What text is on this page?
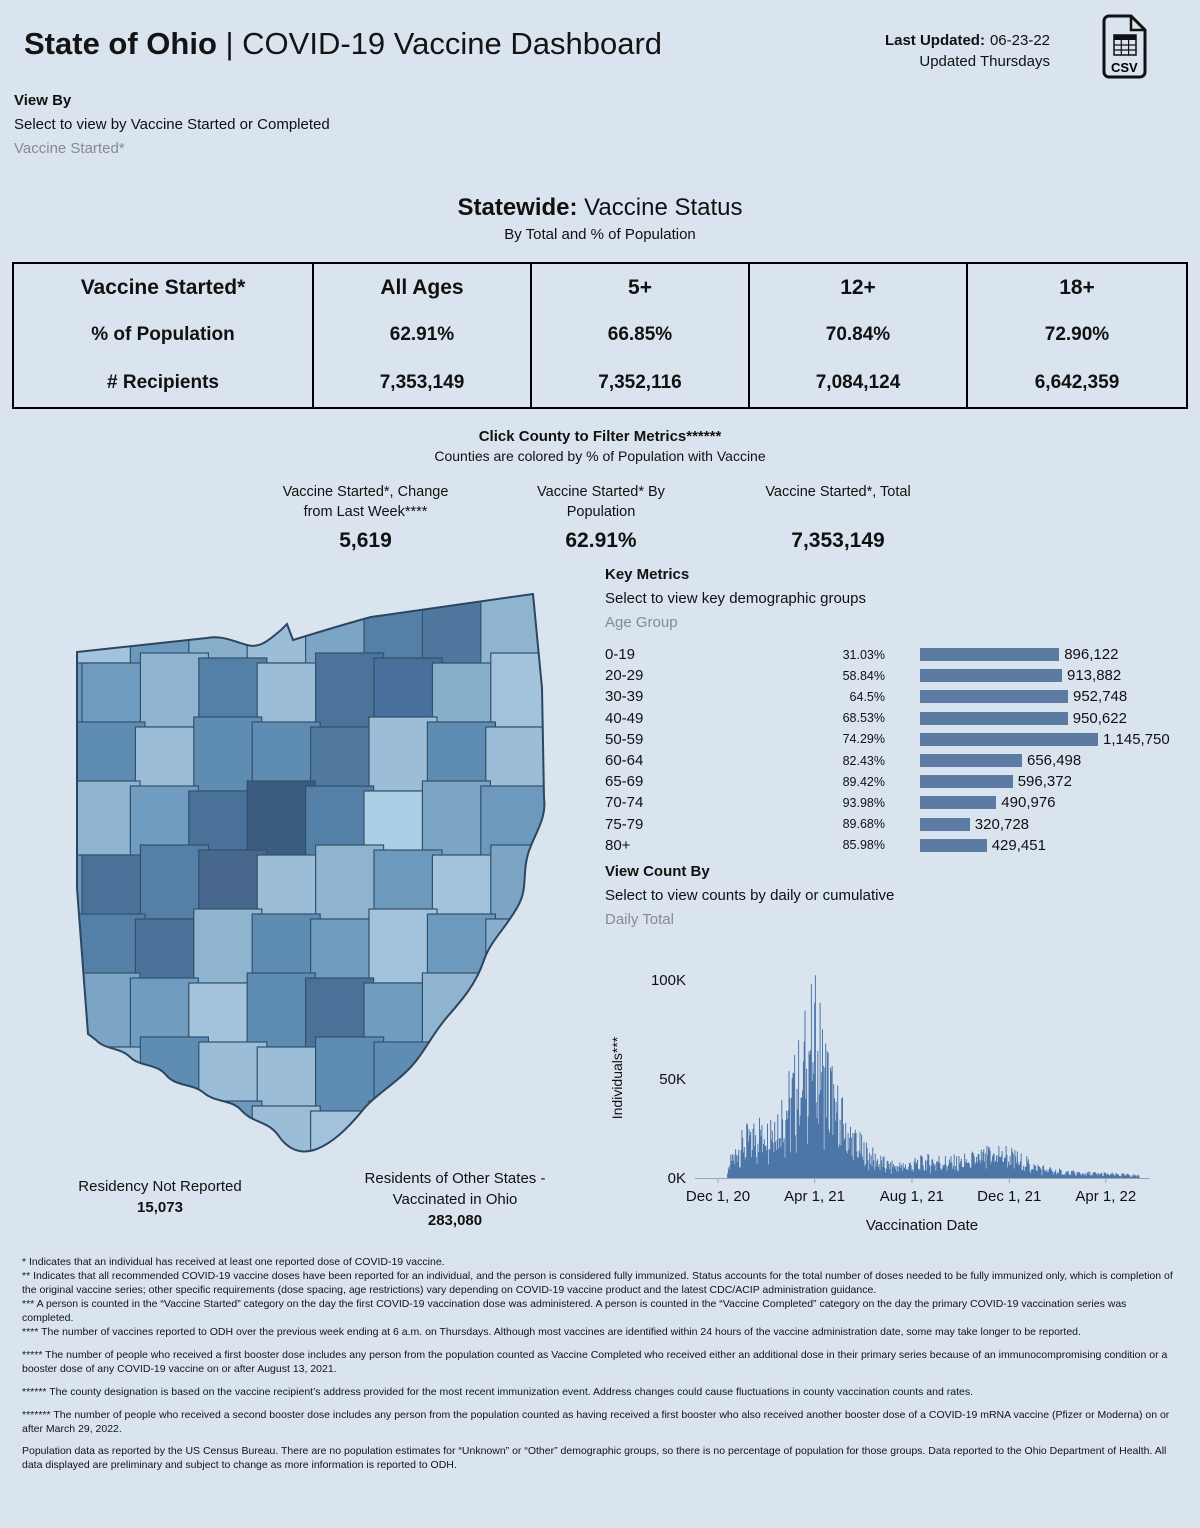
State of Ohio | COVID-19 Vaccine Dashboard	Last Updated: 06-23-22
Updated Thursdays	CSV
View By
Select to view by Vaccine Started or Completed
Vaccine Started*
Statewide: Vaccine Status
By Total and % of Population
Vaccine Started*	All Ages	5+	12+	18+
% of Population	62.91%	66.85%	70.84%	72.90%
# Recipients	7,353,149	7,352,116	7,084,124	6,642,359
Click County to Filter Metrics******
Counties are colored by % of Population with Vaccine
Vaccine Started*, Change from Last Week****
5,619
Vaccine Started* By Population
62.91%
Vaccine Started*, Total
7,353,149
Key Metrics
Select to view key demographic groups
Age Group
0-19	31.03%	896,122
20-29	58.84%	913,882
30-39	64.5%	952,748
40-49	68.53%	950,622
50-59	74.29%	1,145,750
60-64	82.43%	656,498
65-69	89.42%	596,372
70-74	93.98%	490,976
75-79	89.68%	320,728
80+	85.98%	429,451
View Count By
Select to view counts by daily or cumulative
Daily Total
0K
50K
100K
Dec 1, 20 Apr 1, 21 Aug 1, 21 Dec 1, 21 Apr 1, 22
Vaccination Date
Individuals***
Residency Not Reported
15,073
Residents of Other States - Vaccinated in Ohio
283,080

* Indicates that an individual has received at least one reported dose of COVID-19 vaccine.

** Indicates that all recommended COVID-19 vaccine doses have been reported for an individual, and the person is considered fully immunized. Status accounts for the total number of doses needed to be fully immunized only, which is completion of the original vaccine series; other specific requirements (dose spacing, age restrictions) vary depending on COVID-19 vaccine product and the latest CDC/ACIP administration guidance.

*** A person is counted in the “Vaccine Started” category on the day the first COVID-19 vaccination dose was administered. A person is counted in the “Vaccine Completed” category on the day the primary COVID-19 vaccination series was completed.

**** The number of vaccines reported to ODH over the previous week ending at 6 a.m. on Thursdays. Although most vaccines are identified within 24 hours of the vaccine administration date, some may take longer to be reported.

***** The number of people who received a first booster dose includes any person from the population counted as Vaccine Completed who received either an additional dose in their primary series because of an immunocompromising condition or a booster dose of any COVID-19 vaccine on or after August 13, 2021.

****** The county designation is based on the vaccine recipient’s address provided for the most recent immunization event. Address changes could cause fluctuations in county vaccination counts and rates.

******* The number of people who received a second booster dose includes any person from the population counted as having received a first booster who also received another booster dose of a COVID-19 mRNA vaccine (Pfizer or Moderna) on or after March 29, 2022.

Population data as reported by the US Census Bureau. There are no population estimates for “Unknown” or “Other” demographic groups, so there is no percentage of population for those groups. Data reported to the Ohio Department of Health. All data displayed are preliminary and subject to change as more information is reported to ODH.
